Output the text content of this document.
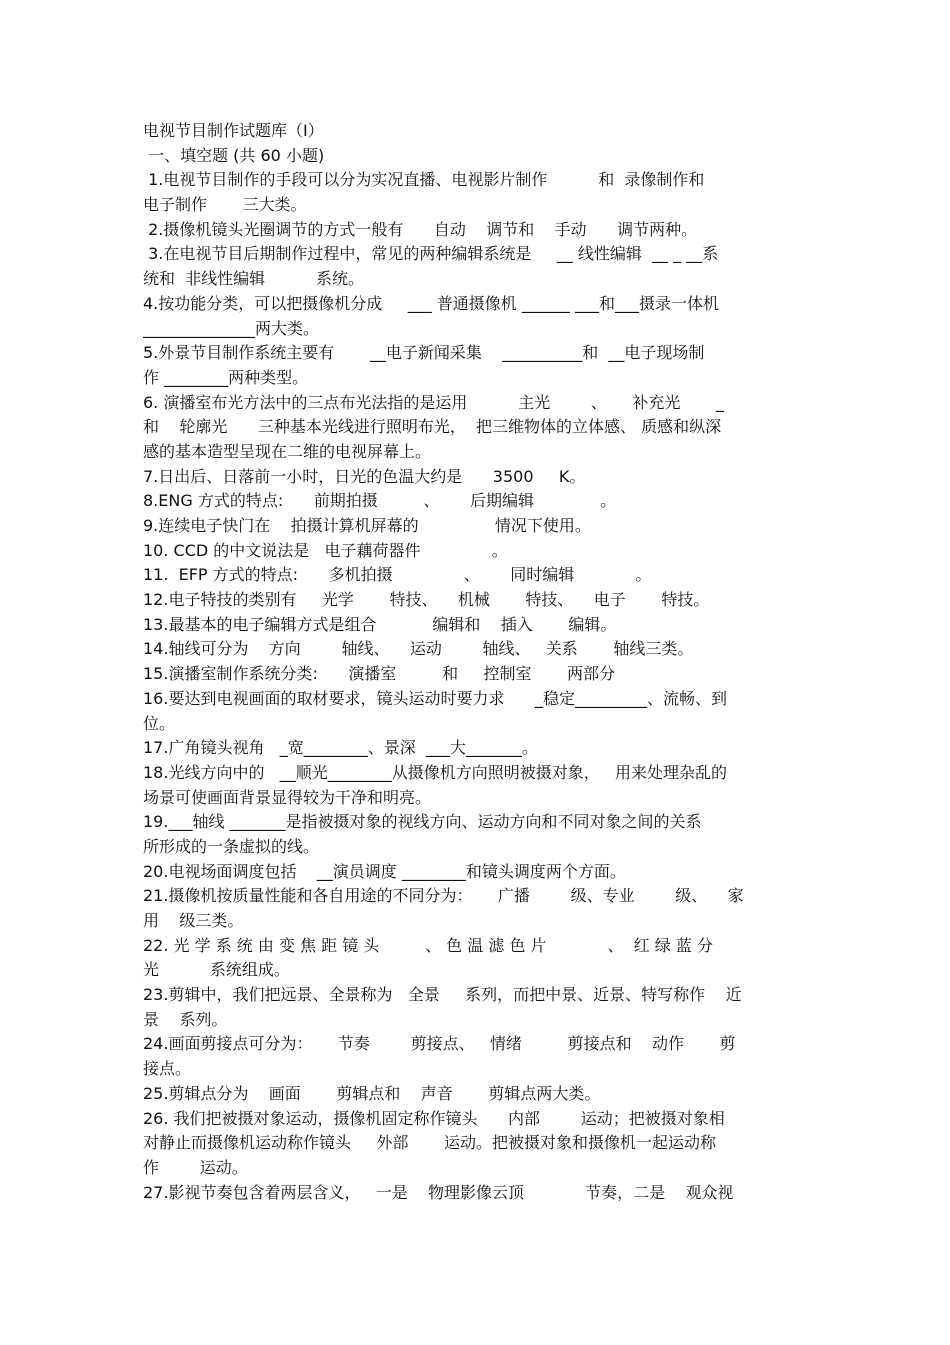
电视节目制作试题库（Ⅰ）
一、填空题 (共 60 小题)
1.电视节目制作的手段可以分为实况直播、电视影片制作          和  录像制作和
电子制作       三大类。
2.摄像机镜头光圈调节的方式一般有      自动    调节和    手动      调节两种。
3.在电视节目后期制作过程中，常见的两种编辑系统是     __ 线性编辑  __ _ __系
统和  非线性编辑          系统。
4.按功能分类，可以把摄像机分成     ___ 普通摄像机 ______ ___和___摄录一体机
______________两大类。
5.外景节目制作系统主要有       __电子新闻采集    __________和  __电子现场制
作 ________两种类型。
6. 演播室布光方法中的三点布光法指的是运用          主光        、     补充光       _
和    轮廓光      三种基本光线进行照明布光，  把三维物体的立体感、 质感和纵深
感的基本造型呈现在二维的电视屏幕上。
7.日出后、日落前一小时，日光的色温大约是      3500     K。
8.ENG 方式的特点:      前期拍摄         、      后期编辑             。
9.连续电子快门在    拍摄计算机屏幕的               情况下使用。
10. CCD 的中文说法是   电子藕荷器件              。
11.  EFP 方式的特点:      多机拍摄              、      同时编辑            。
12.电子特技的类别有     光学       特技、    机械       特技、    电子       特技。
13.最基本的电子编辑方式是组合           编辑和    插入       编辑。
14.轴线可分为    方向        轴线、    运动        轴线、   关系       轴线三类。
15.演播室制作系统分类:      演播室         和     控制室       两部分
16.要达到电视画面的取材要求，镜头运动时要力求      _稳定_________、流畅、到
位。
17.广角镜头视角   _宽________、景深  ___大_______。
18.光线方向中的   __顺光________从摄像机方向照明被摄对象，   用来处理杂乱的
场景可使画面背景显得较为干净和明亮。
19.___轴线 _______是指被摄对象的视线方向、运动方向和不同对象之间的关系
所形成的一条虚拟的线。
20.电视场面调度包括    __演员调度 ________和镜头调度两个方面。
21.摄像机按质量性能和各自用途的不同分为：     广播        级、专业        级、    家
用    级三类。
22. 光 学 系 统 由 变 焦 距 镜 头         、 色 温 滤 色 片            、  红 绿 蓝 分
光          系统组成。
23.剪辑中，我们把远景、全景称为   全景     系列，而把中景、近景、特写称作    近
景    系列。
24.画面剪接点可分为：     节奏        剪接点、   情绪         剪接点和    动作       剪
接点。
25.剪辑点分为    画面       剪辑点和    声音       剪辑点两大类。
26. 我们把被摄对象运动，摄像机固定称作镜头      内部        运动；把被摄对象相
对静止而摄像机运动称作镜头     外部       运动。把被摄对象和摄像机一起运动称
作        运动。
27.影视节奏包含着两层含义，   一是    物理影像云顶            节奏，二是    观众视
